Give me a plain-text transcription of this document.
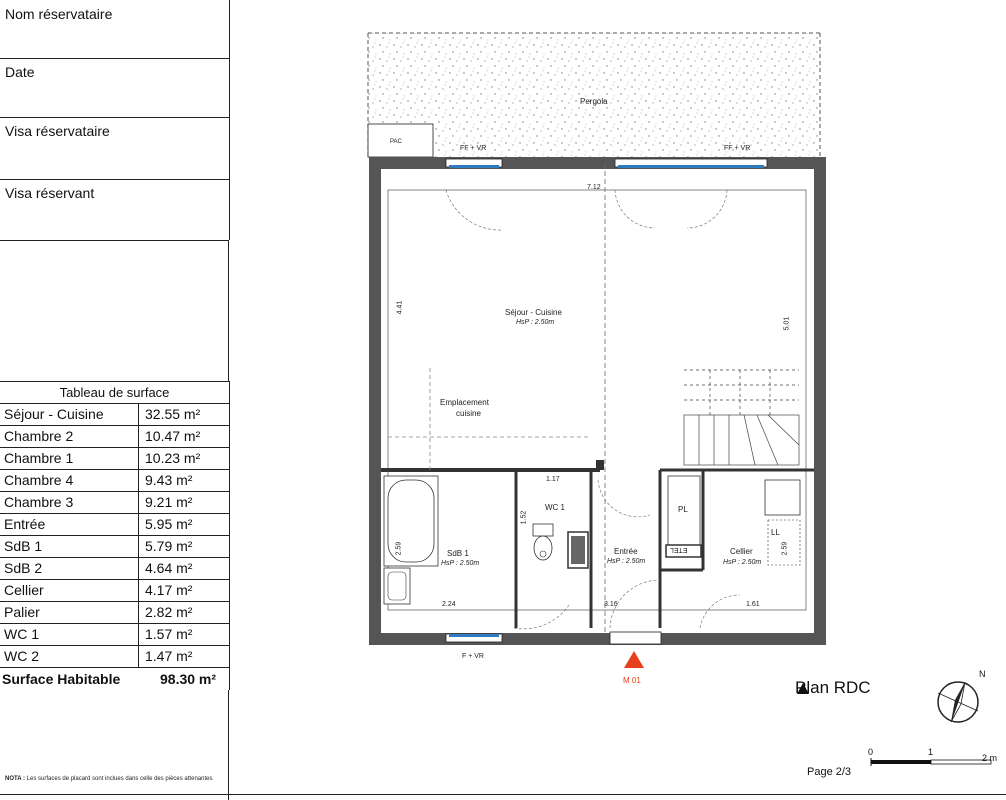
Nom réservataire
Date
Visa réservataire
Visa réservant
Tableau de surface
Séjour - Cuisine	32.55 m²
Chambre 2	10.47 m²
Chambre 1	10.23 m²
Chambre 4	9.43 m²
Chambre 3	9.21 m²
Entrée	5.95 m²
SdB 1	5.79 m²
SdB 2	4.64 m²
Cellier	4.17 m²
Palier	2.82 m²
WC 1	1.57 m²
WC 2	1.47 m²
Surface Habitable	98.30 m²
NOTA : Les surfaces de placard sont inclues dans celle des pièces attenantes
Pergola
PAC
FF + VR	FF + VR
F + VR
Séjour - Cuisine
HsP : 2.50m
Emplacement
cuisine
WC 1
SdB 1
HsP : 2.50m
Entrée
HsP : 2.50m
Cellier
HsP : 2.50m
PL
LL
ETEL
M 01
7.12
4.41
5.01
1.17
1.52
2.59	2.59
2.24	3.16	1.61
Plan RDC
Page 2/3
N
0	1
2 m
